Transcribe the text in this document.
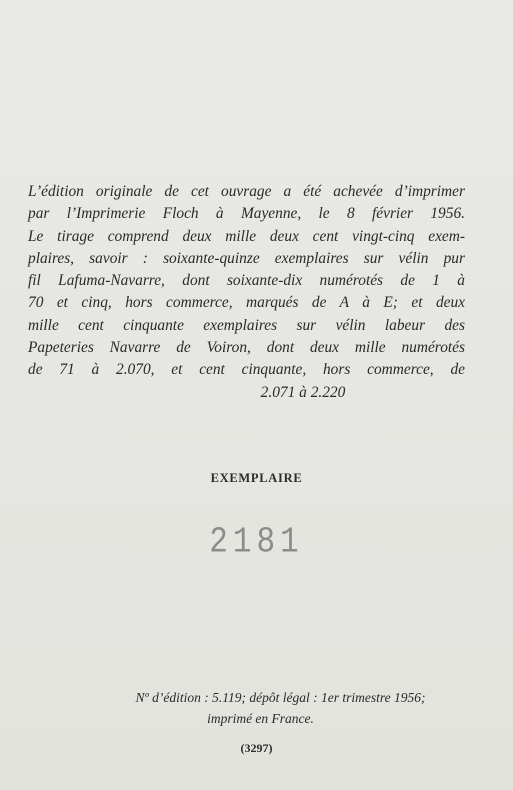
L’édition originale de cet ouvrage a été achevée d’imprimer
par l’Imprimerie Floch à Mayenne, le 8 février 1956.
Le tirage comprend deux mille deux cent vingt-cinq exem-
plaires, savoir : soixante-quinze exemplaires sur vélin pur
fil Lafuma-Navarre, dont soixante-dix numérotés de 1 à
70 et cinq, hors commerce, marqués de A à E; et deux
mille cent cinquante exemplaires sur vélin labeur des
Papeteries Navarre de Voiron, dont deux mille numérotés
de 71 à 2.070, et cent cinquante, hors commerce, de
2.071 à 2.220
EXEMPLAIRE
2181
Nº d’édition : 5.119; dépôt légal : 1er trimestre 1956;
imprimé en France.
(3297)
